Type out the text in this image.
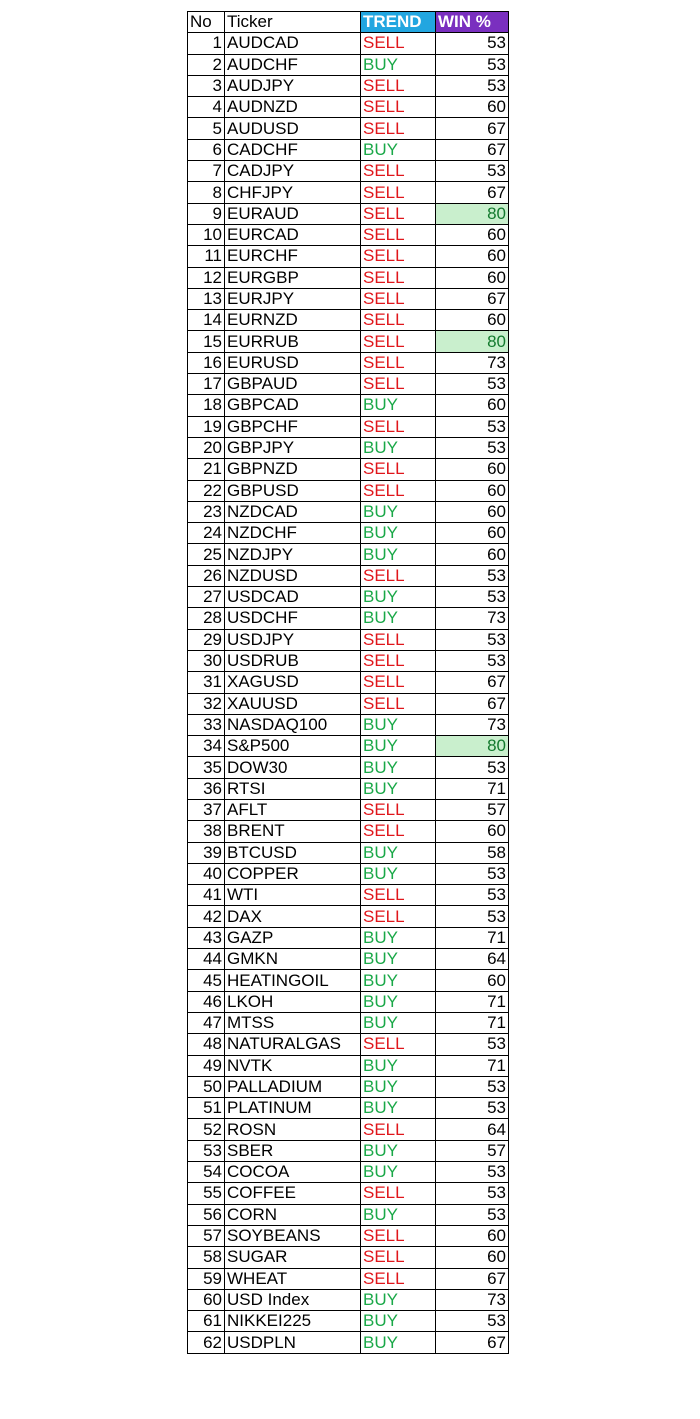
No	Ticker	TREND	WIN %
1	AUDCAD	SELL	53
2	AUDCHF	BUY	53
3	AUDJPY	SELL	53
4	AUDNZD	SELL	60
5	AUDUSD	SELL	67
6	CADCHF	BUY	67
7	CADJPY	SELL	53
8	CHFJPY	SELL	67
9	EURAUD	SELL	80
10	EURCAD	SELL	60
11	EURCHF	SELL	60
12	EURGBP	SELL	60
13	EURJPY	SELL	67
14	EURNZD	SELL	60
15	EURRUB	SELL	80
16	EURUSD	SELL	73
17	GBPAUD	SELL	53
18	GBPCAD	BUY	60
19	GBPCHF	SELL	53
20	GBPJPY	BUY	53
21	GBPNZD	SELL	60
22	GBPUSD	SELL	60
23	NZDCAD	BUY	60
24	NZDCHF	BUY	60
25	NZDJPY	BUY	60
26	NZDUSD	SELL	53
27	USDCAD	BUY	53
28	USDCHF	BUY	73
29	USDJPY	SELL	53
30	USDRUB	SELL	53
31	XAGUSD	SELL	67
32	XAUUSD	SELL	67
33	NASDAQ100	BUY	73
34	S&P500	BUY	80
35	DOW30	BUY	53
36	RTSI	BUY	71
37	AFLT	SELL	57
38	BRENT	SELL	60
39	BTCUSD	BUY	58
40	COPPER	BUY	53
41	WTI	SELL	53
42	DAX	SELL	53
43	GAZP	BUY	71
44	GMKN	BUY	64
45	HEATINGOIL	BUY	60
46	LKOH	BUY	71
47	MTSS	BUY	71
48	NATURALGAS	SELL	53
49	NVTK	BUY	71
50	PALLADIUM	BUY	53
51	PLATINUM	BUY	53
52	ROSN	SELL	64
53	SBER	BUY	57
54	COCOA	BUY	53
55	COFFEE	SELL	53
56	CORN	BUY	53
57	SOYBEANS	SELL	60
58	SUGAR	SELL	60
59	WHEAT	SELL	67
60	USD Index	BUY	73
61	NIKKEI225	BUY	53
62	USDPLN	BUY	67
